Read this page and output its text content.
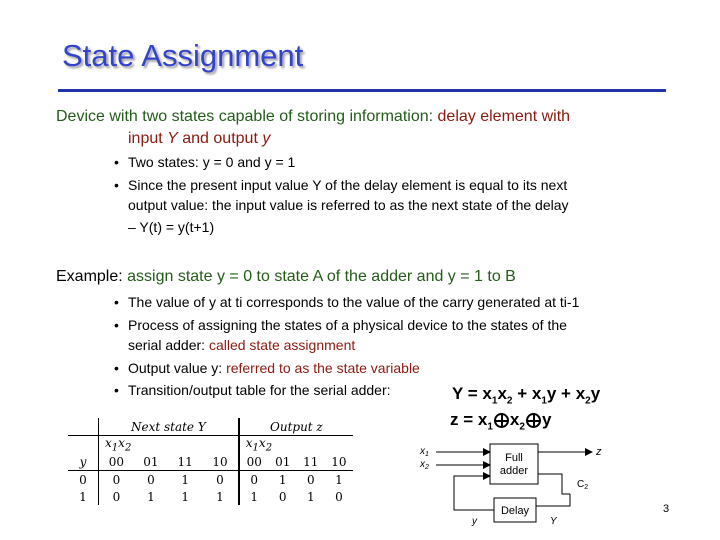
State Assignment
Device with two states capable of storing information: delay element with
input Y and output y
• Two states: y = 0 and y = 1
• Since the present input value Y of the delay element is equal to its next
output value: the input value is referred to as the next state of the delay
– Y(t) = y(t+1)
Example: assign state y = 0 to state A of the adder and y = 1 to B
• The value of y at ti corresponds to the value of the carry generated at ti-1
• Process of assigning the states of a physical device to the states of the
serial adder: called state assignment
• Output value y: referred to as the state variable
• Transition/output table for the serial adder:	$Y = x_1x_2 + x_1y + x_2y$
$z = x_1$ $x_2$ y
	Next state Y				Output z			
	$x_1x_2$				$x_1x_2$
y	00	01	11	10	00	01	11	10
0	0	0	1	0	0	1	0	1
1	0	1	1	1	1	0	1	0
Full
adder
$x_1$
$x_2$
z
$C_2$
Delay
y	Y
3
